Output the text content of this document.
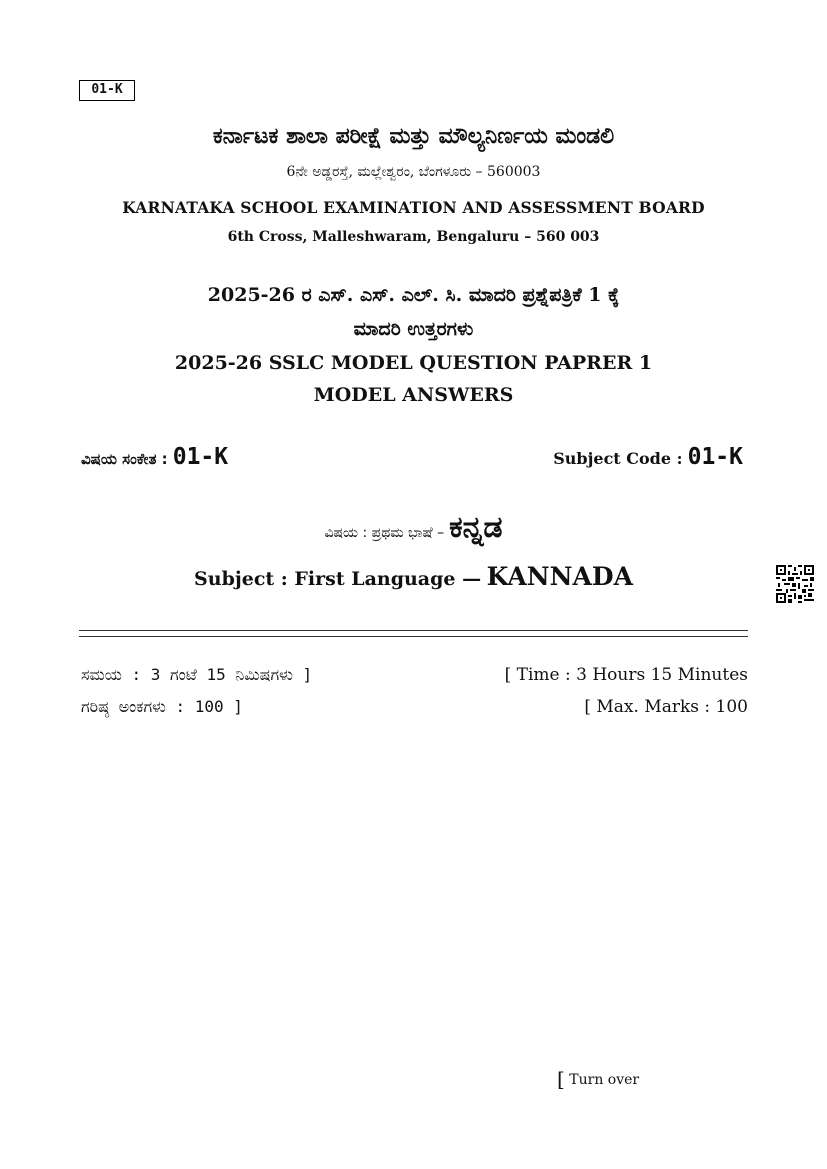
01-K
ಕರ್ನಾಟಕ ಶಾಲಾ ಪರೀಕ್ಷೆ ಮತ್ತು ಮೌಲ್ಯನಿರ್ಣಯ ಮಂಡಲಿ
6ನೇ ಅಡ್ಡರಸ್ತೆ, ಮಲ್ಲೇಶ್ವರಂ, ಬೆಂಗಳೂರು – 560003
KARNATAKA SCHOOL EXAMINATION AND ASSESSMENT BOARD
6th Cross, Malleshwaram, Bengaluru – 560 003
2025-26 ರ ಎಸ್. ಎಸ್. ಎಲ್. ಸಿ. ಮಾದರಿ ಪ್ರಶ್ನೆಪತ್ರಿಕೆ 1 ಕ್ಕೆ
ಮಾದರಿ ಉತ್ತರಗಳು
2025-26 SSLC MODEL QUESTION PAPRER 1
MODEL ANSWERS
ವಿಷಯ ಸಂಕೇತ : 01-K	Subject Code : 01-K
ವಿಷಯ : ಪ್ರಥಮ ಭಾಷೆ – ಕನ್ನಡ
Subject : First Language — KANNADA
ಸಮಯ : 3 ಗಂಟೆ 15 ನಿಮಿಷಗಳು ]
ಗರಿಷ್ಠ ಅಂಕಗಳು : 100 ]
[ Time : 3 Hours 15 Minutes
[ Max. Marks : 100
[ Turn over
